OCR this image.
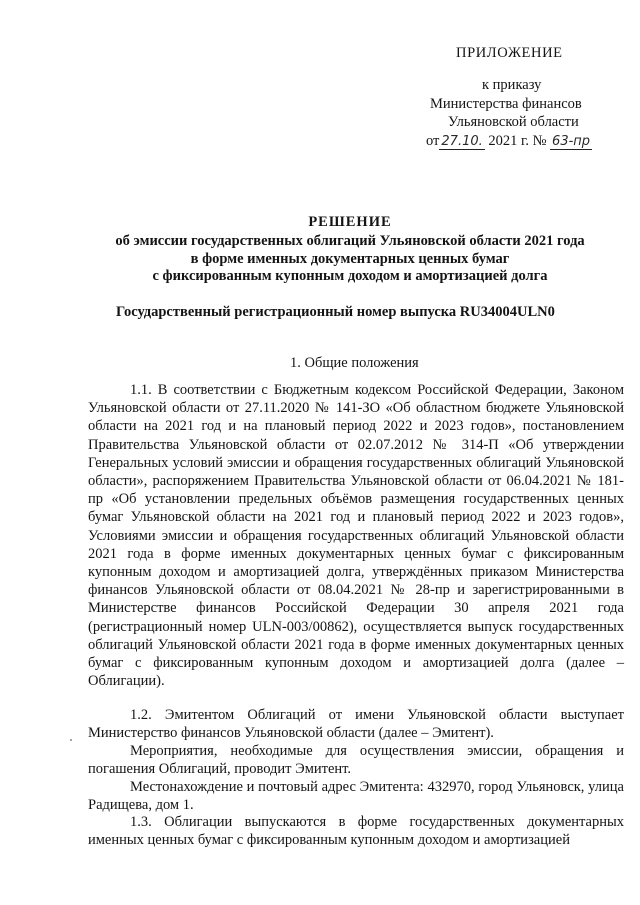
ПРИЛОЖЕНИЕ
к приказу
Министерства финансов
Ульяновской области
от 27.10. 2021 г. № 63-пр
РЕШЕНИЕ
об эмиссии государственных облигаций Ульяновской области 2021 года
в форме именных документарных ценных бумаг
с фиксированным купонным доходом и амортизацией долга
Государственный регистрационный номер выпуска RU34004ULN0
1. Общие положения
1.1. В соответствии с Бюджетным кодексом Российской Федерации, Законом Ульяновской области от 27.11.2020 № 141-ЗО «Об областном бюджете Ульяновской области на 2021 год и на плановый период 2022 и 2023 годов», постановлением Правительства Ульяновской области от 02.07.2012 № 314-П «Об утверждении Генеральных условий эмиссии и обращения государственных облигаций Ульяновской области», распоряжением Правительства Ульяновской области от 06.04.2021 № 181-пр «Об установлении предельных объёмов размещения государственных ценных бумаг Ульяновской области на 2021 год и плановый период 2022 и 2023 годов», Условиями эмиссии и обращения государственных облигаций Ульяновской области 2021 года в форме именных документарных ценных бумаг с фиксированным купонным доходом и амортизацией долга, утверждённых приказом Министерства финансов Ульяновской области от 08.04.2021 № 28-пр и зарегистрированными в Министерстве финансов Российской Федерации 30 апреля 2021 года (регистрационный номер ULN-003/00862), осуществляется выпуск государственных облигаций Ульяновской области 2021 года в форме именных документарных ценных бумаг с фиксированным купонным доходом и амортизацией долга (далее – Облигации).
1.2. Эмитентом Облигаций от имени Ульяновской области выступает Министерство финансов Ульяновской области (далее – Эмитент).
Мероприятия, необходимые для осуществления эмиссии, обращения и погашения Облигаций, проводит Эмитент.
Местонахождение и почтовый адрес Эмитента: 432970, город Ульяновск, улица Радищева, дом 1.
1.3. Облигации выпускаются в форме государственных документарных именных ценных бумаг с фиксированным купонным доходом и амортизацией
